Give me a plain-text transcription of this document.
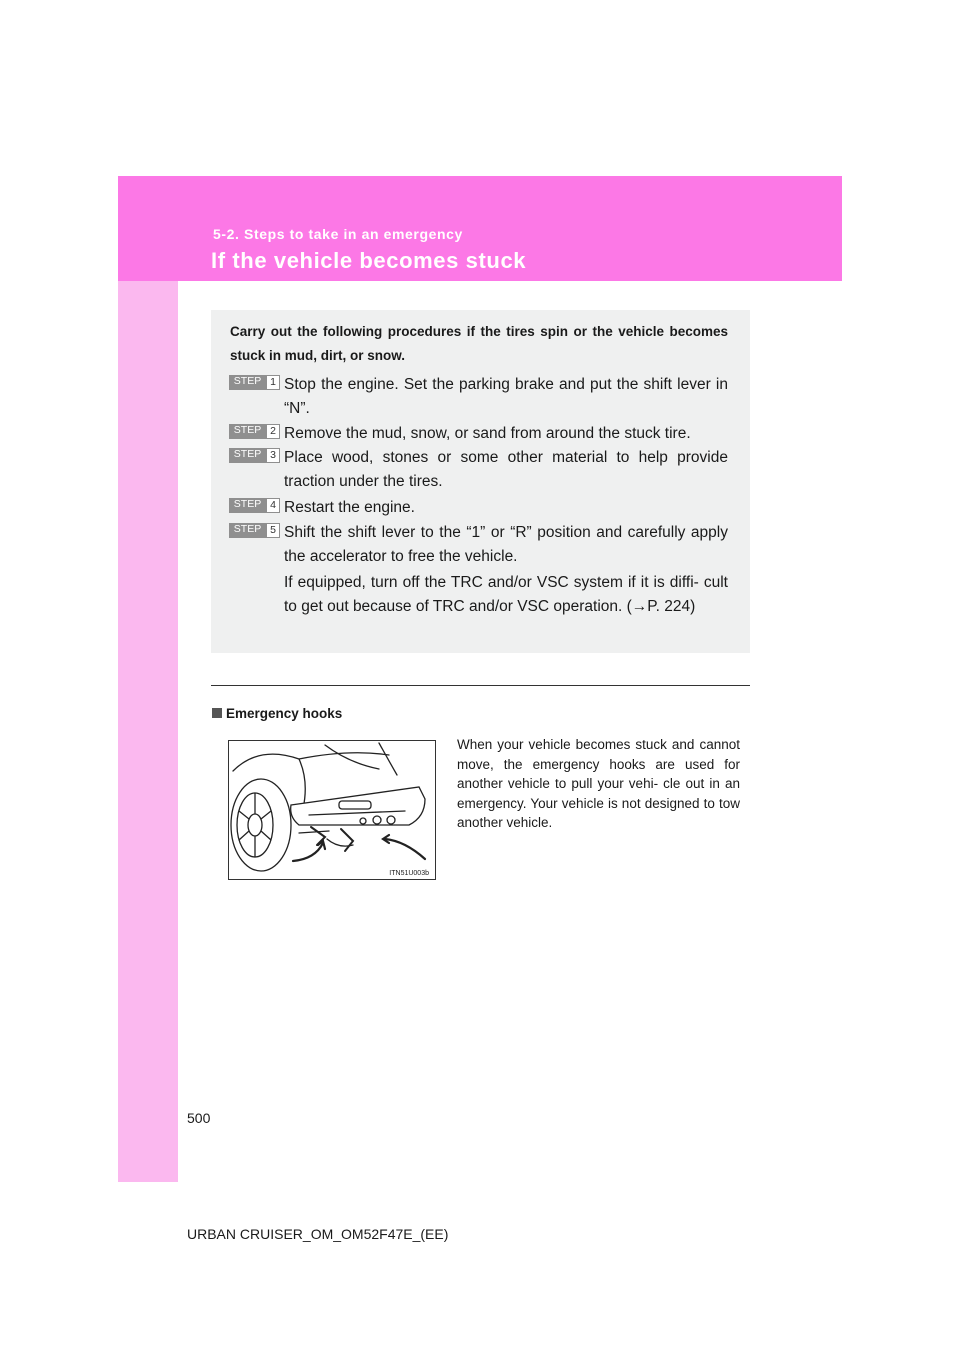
5-2. Steps to take in an emergency
If the vehicle becomes stuck

Carry out the following procedures if the tires spin or the vehicle becomes stuck in mud, dirt, or snow.

STEP 1 Stop the engine. Set the parking brake and put the shift lever in “N”.

STEP 2 Remove the mud, snow, or sand from around the stuck tire.

STEP 3 Place wood, stones or some other material to help provide traction under the tires.

STEP 4 Restart the engine.

STEP 5 Shift the shift lever to the “1” or “R” position and carefully apply the accelerator to free the vehicle.

If equipped, turn off the TRC and/or VSC system if it is diffi- cult to get out because of TRC and/or VSC operation. (→P. 224)

Emergency hooks
ITN51U003b

When your vehicle becomes stuck and cannot move, the emergency hooks are used for another vehicle to pull your vehi- cle out in an emergency. Your vehicle is not designed to tow another vehicle.

500
URBAN CRUISER_OM_OM52F47E_(EE)
